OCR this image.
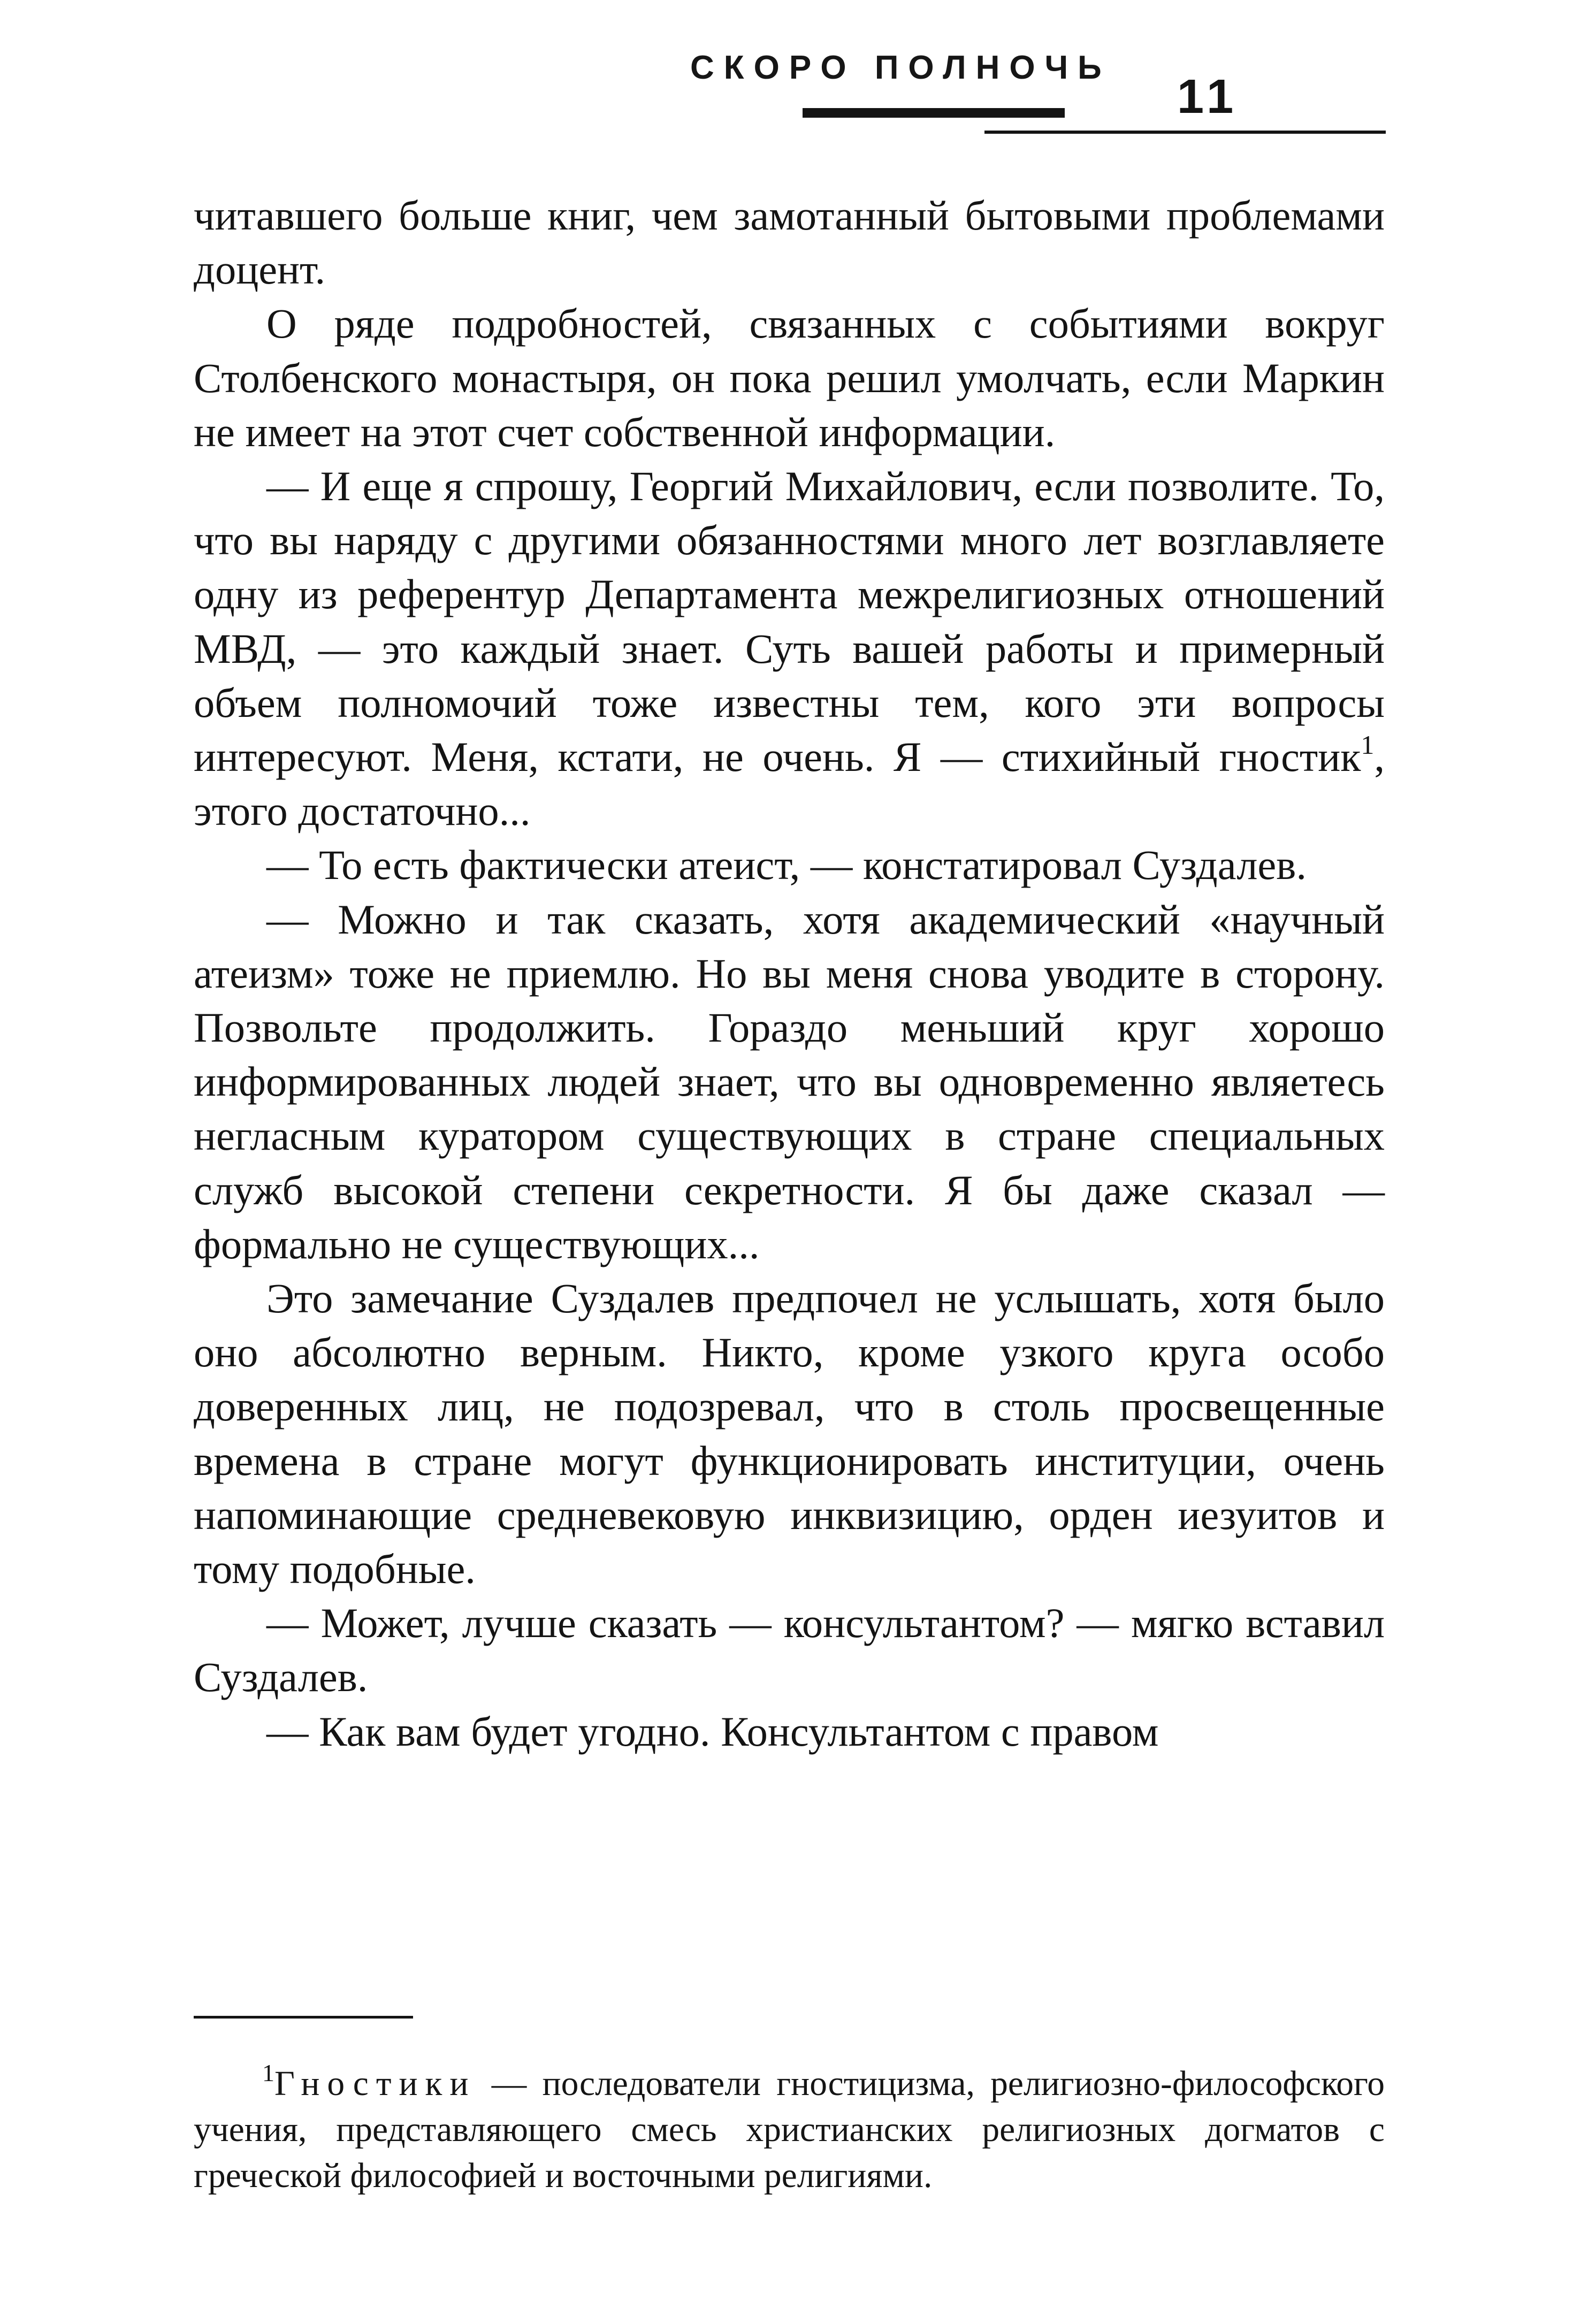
СКОРО ПОЛНОЧЬ
11

читавшего больше книг, чем замотанный бытовыми проблемами доцент.

О ряде подробностей, связанных с событиями вокруг Столбенского монастыря, он пока решил умолчать, если Маркин не имеет на этот счет собственной информации.

— И еще я спрошу, Георгий Михайлович, если позволите. То, что вы наряду с другими обязанностями много лет возглавляете одну из референтур Департамента межрелигиозных отношений МВД, — это каждый знает. Суть вашей работы и примерный объем полномочий тоже известны тем, кого эти вопросы интересуют. Меня, кстати, не очень. Я — стихийный гностик$^1$, этого достаточно...

— То есть фактически атеист, — констатировал Суздалев.

— Можно и так сказать, хотя академический «научный атеизм» тоже не приемлю. Но вы меня снова уводите в сторону. Позвольте продолжить. Гораздо меньший круг хорошо информированных людей знает, что вы одновременно являетесь негласным куратором существующих в стране специальных служб высокой степени секретности. Я бы даже сказал — формально не существующих...

Это замечание Суздалев предпочел не услышать, хотя было оно абсолютно верным. Никто, кроме узкого круга особо доверенных лиц, не подозревал, что в столь просвещенные времена в стране могут функционировать институции, очень напоминающие средневековую инквизицию, орден иезуитов и тому подобные.

— Может, лучше сказать — консультантом? — мягко вставил Суздалев.

— Как вам будет угодно. Консультантом с правом

$^1$Гностики — последователи гностицизма, религиозно-философского учения, представляющего смесь христианских религиозных догматов с греческой философией и восточными религиями.
